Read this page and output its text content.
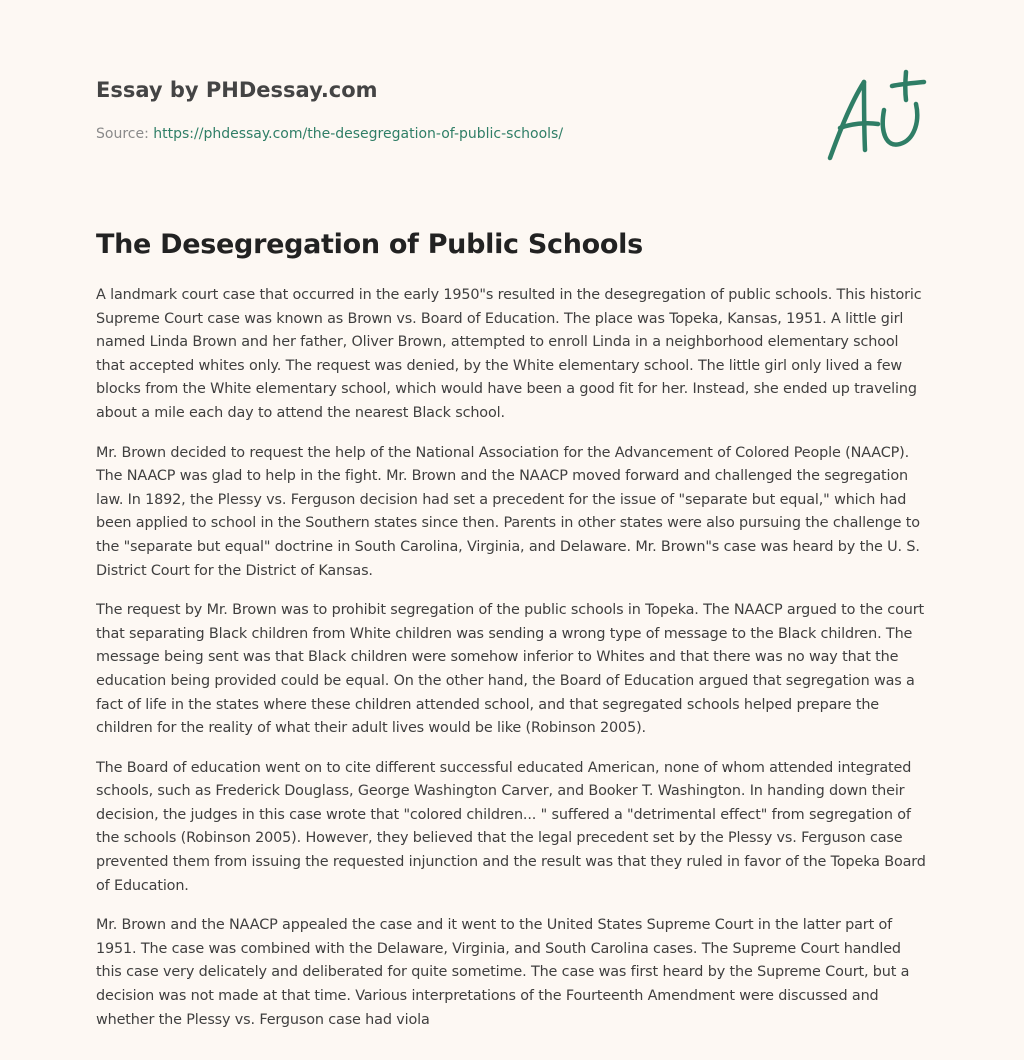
Essay by PHDessay.com
Source: https://phdessay.com/the-desegregation-of-public-schools/
The Desegregation of Public Schools

A landmark court case that occurred in the early 1950"s resulted in the desegregation of public schools. This historic Supreme Court case was known as Brown vs. Board of Education. The place was Topeka, Kansas, 1951. A little girl named Linda Brown and her father, Oliver Brown, attempted to enroll Linda in a neighborhood elementary school that accepted whites only. The request was denied, by the White elementary school. The little girl only lived a few blocks from the White elementary school, which would have been a good fit for her. Instead, she ended up traveling about a mile each day to attend the nearest Black school.

Mr. Brown decided to request the help of the National Association for the Advancement of Colored People (NAACP). The NAACP was glad to help in the fight. Mr. Brown and the NAACP moved forward and challenged the segregation law. In 1892, the Plessy vs. Ferguson decision had set a precedent for the issue of "separate but equal," which had been applied to school in the Southern states since then. Parents in other states were also pursuing the challenge to the "separate but equal" doctrine in South Carolina, Virginia, and Delaware. Mr. Brown"s case was heard by the U. S. District Court for the District of Kansas.

The request by Mr. Brown was to prohibit segregation of the public schools in Topeka. The NAACP argued to the court that separating Black children from White children was sending a wrong type of message to the Black children. The message being sent was that Black children were somehow inferior to Whites and that there was no way that the education being provided could be equal. On the other hand, the Board of Education argued that segregation was a fact of life in the states where these children attended school, and that segregated schools helped prepare the children for the reality of what their adult lives would be like (Robinson 2005).

The Board of education went on to cite different successful educated American, none of whom attended integrated schools, such as Frederick Douglass, George Washington Carver, and Booker T. Washington. In handing down their decision, the judges in this case wrote that "colored children... " suffered a "detrimental effect" from segregation of the schools (Robinson 2005). However, they believed that the legal precedent set by the Plessy vs. Ferguson case prevented them from issuing the requested injunction and the result was that they ruled in favor of the Topeka Board of Education.

Mr. Brown and the NAACP appealed the case and it went to the United States Supreme Court in the latter part of 1951. The case was combined with the Delaware, Virginia, and South Carolina cases. The Supreme Court handled this case very delicately and deliberated for quite sometime. The case was first heard by the Supreme Court, but a decision was not made at that time. Various interpretations of the Fourteenth Amendment were discussed and whether the Plessy vs. Ferguson case had viola
